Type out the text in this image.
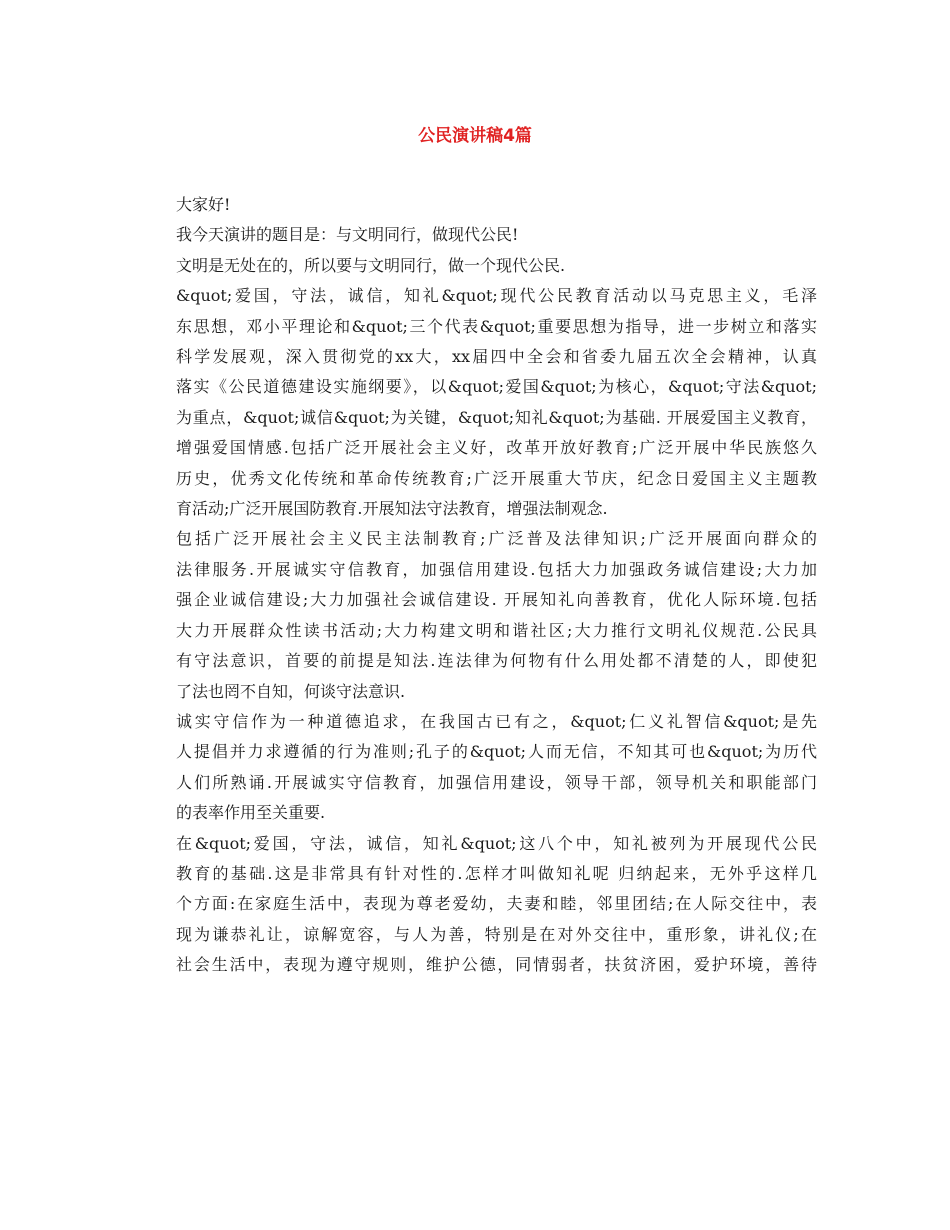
公民演讲稿4篇
大家好!
我今天演讲的题目是：与文明同行，做现代公民!
文明是无处在的，所以要与文明同行，做一个现代公民.
&quot;爱国，守法，诚信，知礼&quot;现代公民教育活动以马克思主义，毛泽
东思想，邓小平理论和&quot;三个代表&quot;重要思想为指导，进一步树立和落实
科学发展观，深入贯彻党的xx大，xx届四中全会和省委九届五次全会精神，认真
落实《公民道德建设实施纲要》，以&quot;爱国&quot;为核心，&quot;守法&quot;
为重点，&quot;诚信&quot;为关键，&quot;知礼&quot;为基础. 开展爱国主义教育，
增强爱国情感.包括广泛开展社会主义好，改革开放好教育;广泛开展中华民族悠久
历史，优秀文化传统和革命传统教育;广泛开展重大节庆，纪念日爱国主义主题教
育活动;广泛开展国防教育.开展知法守法教育，增强法制观念.
包括广泛开展社会主义民主法制教育;广泛普及法律知识;广泛开展面向群众的
法律服务.开展诚实守信教育，加强信用建设.包括大力加强政务诚信建设;大力加
强企业诚信建设;大力加强社会诚信建设. 开展知礼向善教育，优化人际环境.包括
大力开展群众性读书活动;大力构建文明和谐社区;大力推行文明礼仪规范.公民具
有守法意识，首要的前提是知法.连法律为何物有什么用处都不清楚的人，即使犯
了法也罔不自知，何谈守法意识.
诚实守信作为一种道德追求，在我国古已有之，&quot;仁义礼智信&quot;是先
人提倡并力求遵循的行为准则;孔子的&quot;人而无信，不知其可也&quot;为历代
人们所熟诵.开展诚实守信教育，加强信用建设，领导干部，领导机关和职能部门
的表率作用至关重要.
在&quot;爱国，守法，诚信，知礼&quot;这八个中，知礼被列为开展现代公民
教育的基础.这是非常具有针对性的.怎样才叫做知礼呢 归纳起来，无外乎这样几
个方面:在家庭生活中，表现为尊老爱幼，夫妻和睦，邻里团结;在人际交往中，表
现为谦恭礼让，谅解宽容，与人为善，特别是在对外交往中，重形象，讲礼仪;在
社会生活中，表现为遵守规则，维护公德，同情弱者，扶贫济困，爱护环境，善待
